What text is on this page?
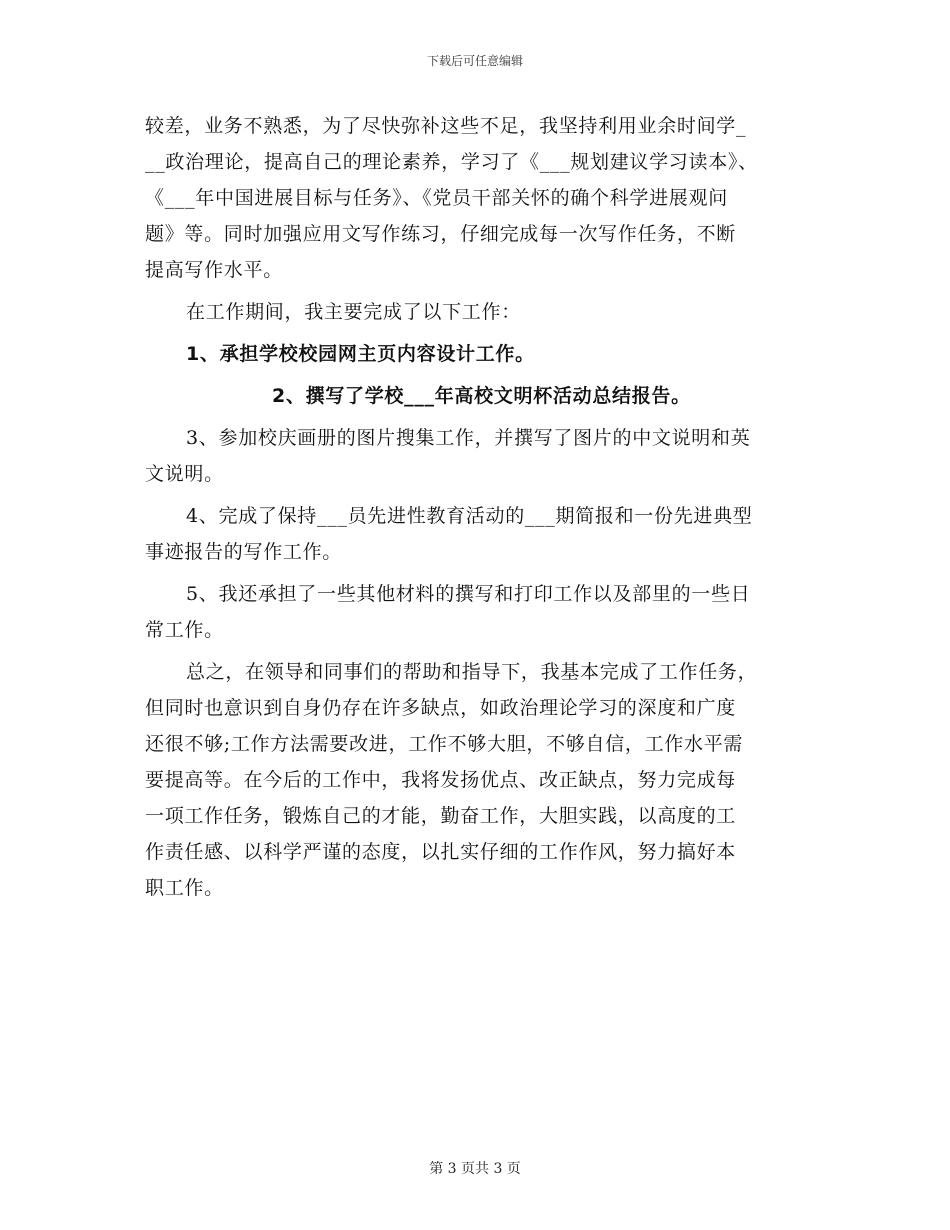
下载后可任意编辑
较差，业务不熟悉，为了尽快弥补这些不足，我坚持利用业余时间学_
__政治理论，提高自己的理论素养，学习了《___规划建议学习读本》、
《___年中国进展目标与任务》、《党员干部关怀的确个科学进展观问
题》等。同时加强应用文写作练习，仔细完成每一次写作任务，不断
提高写作水平。
在工作期间，我主要完成了以下工作：
1、承担学校校园网主页内容设计工作。
2、撰写了学校___年高校文明杯活动总结报告。
3、参加校庆画册的图片搜集工作，并撰写了图片的中文说明和英
文说明。
4、完成了保持___员先进性教育活动的___期简报和一份先进典型
事迹报告的写作工作。
5、我还承担了一些其他材料的撰写和打印工作以及部里的一些日
常工作。
总之，在领导和同事们的帮助和指导下，我基本完成了工作任务，
但同时也意识到自身仍存在许多缺点，如政治理论学习的深度和广度
还很不够;工作方法需要改进，工作不够大胆，不够自信，工作水平需
要提高等。在今后的工作中，我将发扬优点、改正缺点，努力完成每
一项工作任务，锻炼自己的才能，勤奋工作，大胆实践，以高度的工
作责任感、以科学严谨的态度，以扎实仔细的工作作风，努力搞好本
职工作。
第 3 页共 3 页
